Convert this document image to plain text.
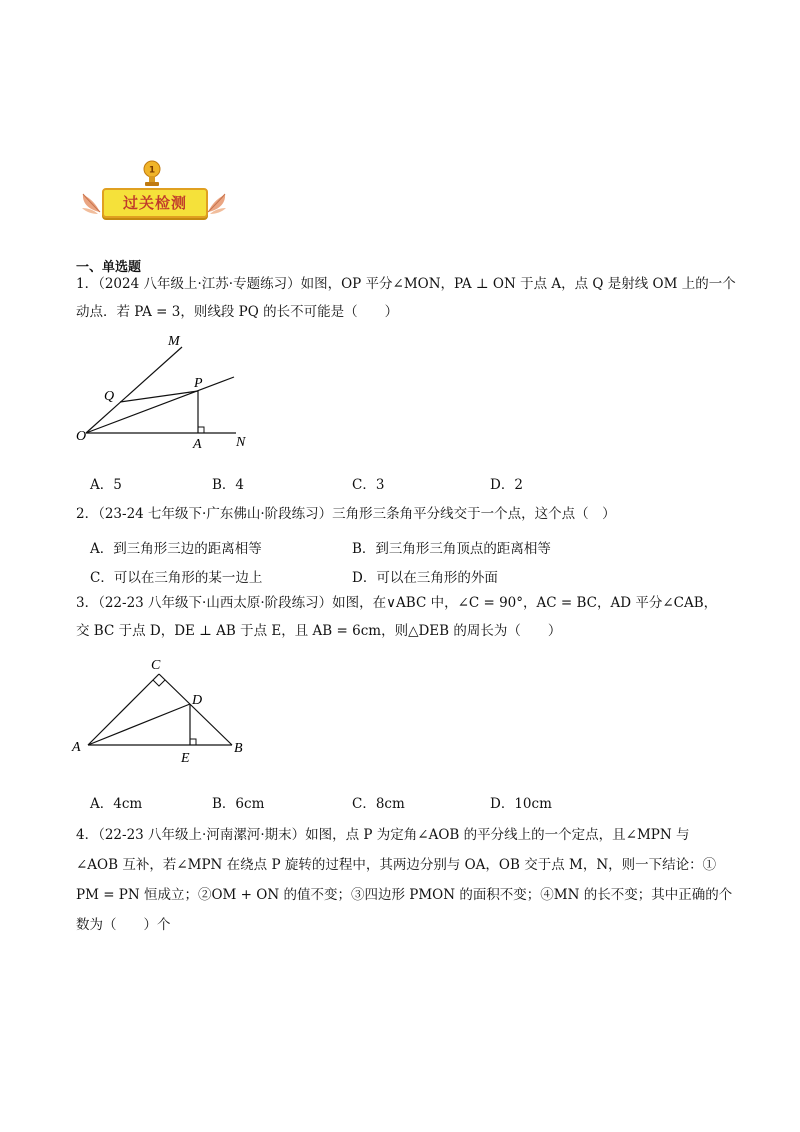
1
过关检测
一、单选题
1．（2024 八年级上·江苏·专题练习）如图，OP 平分∠MON，PA ⊥ ON 于点 A，点 Q 是射线 OM 上的一个
动点．若 PA = 3，则线段 PQ 的长不可能是（　　）
M
Q
P
O
A N
A．5	B．4	C．3	D．2
2．（23-24 七年级下·广东佛山·阶段练习）三角形三条角平分线交于一个点，这个点（　）
A．到三角形三边的距离相等	B．到三角形三角顶点的距离相等
C．可以在三角形的某一边上	D．可以在三角形的外面
3．（22-23 八年级下·山西太原·阶段练习）如图，在∨ABC 中，∠C = 90°，AC = BC，AD 平分∠CAB，
交 BC 于点 D，DE ⊥ AB 于点 E，且 AB = 6cm，则△DEB 的周长为（　　）
C
D
A
E
B
A．4cm	B．6cm	C．8cm	D．10cm
4．（22-23 八年级上·河南漯河·期末）如图，点 P 为定角∠AOB 的平分线上的一个定点，且∠MPN 与
∠AOB 互补，若∠MPN 在绕点 P 旋转的过程中，其两边分别与 OA，OB 交于点 M，N，则一下结论：①
PM = PN 恒成立；②OM + ON 的值不变；③四边形 PMON 的面积不变；④MN 的长不变；其中正确的个
数为（　　）个
